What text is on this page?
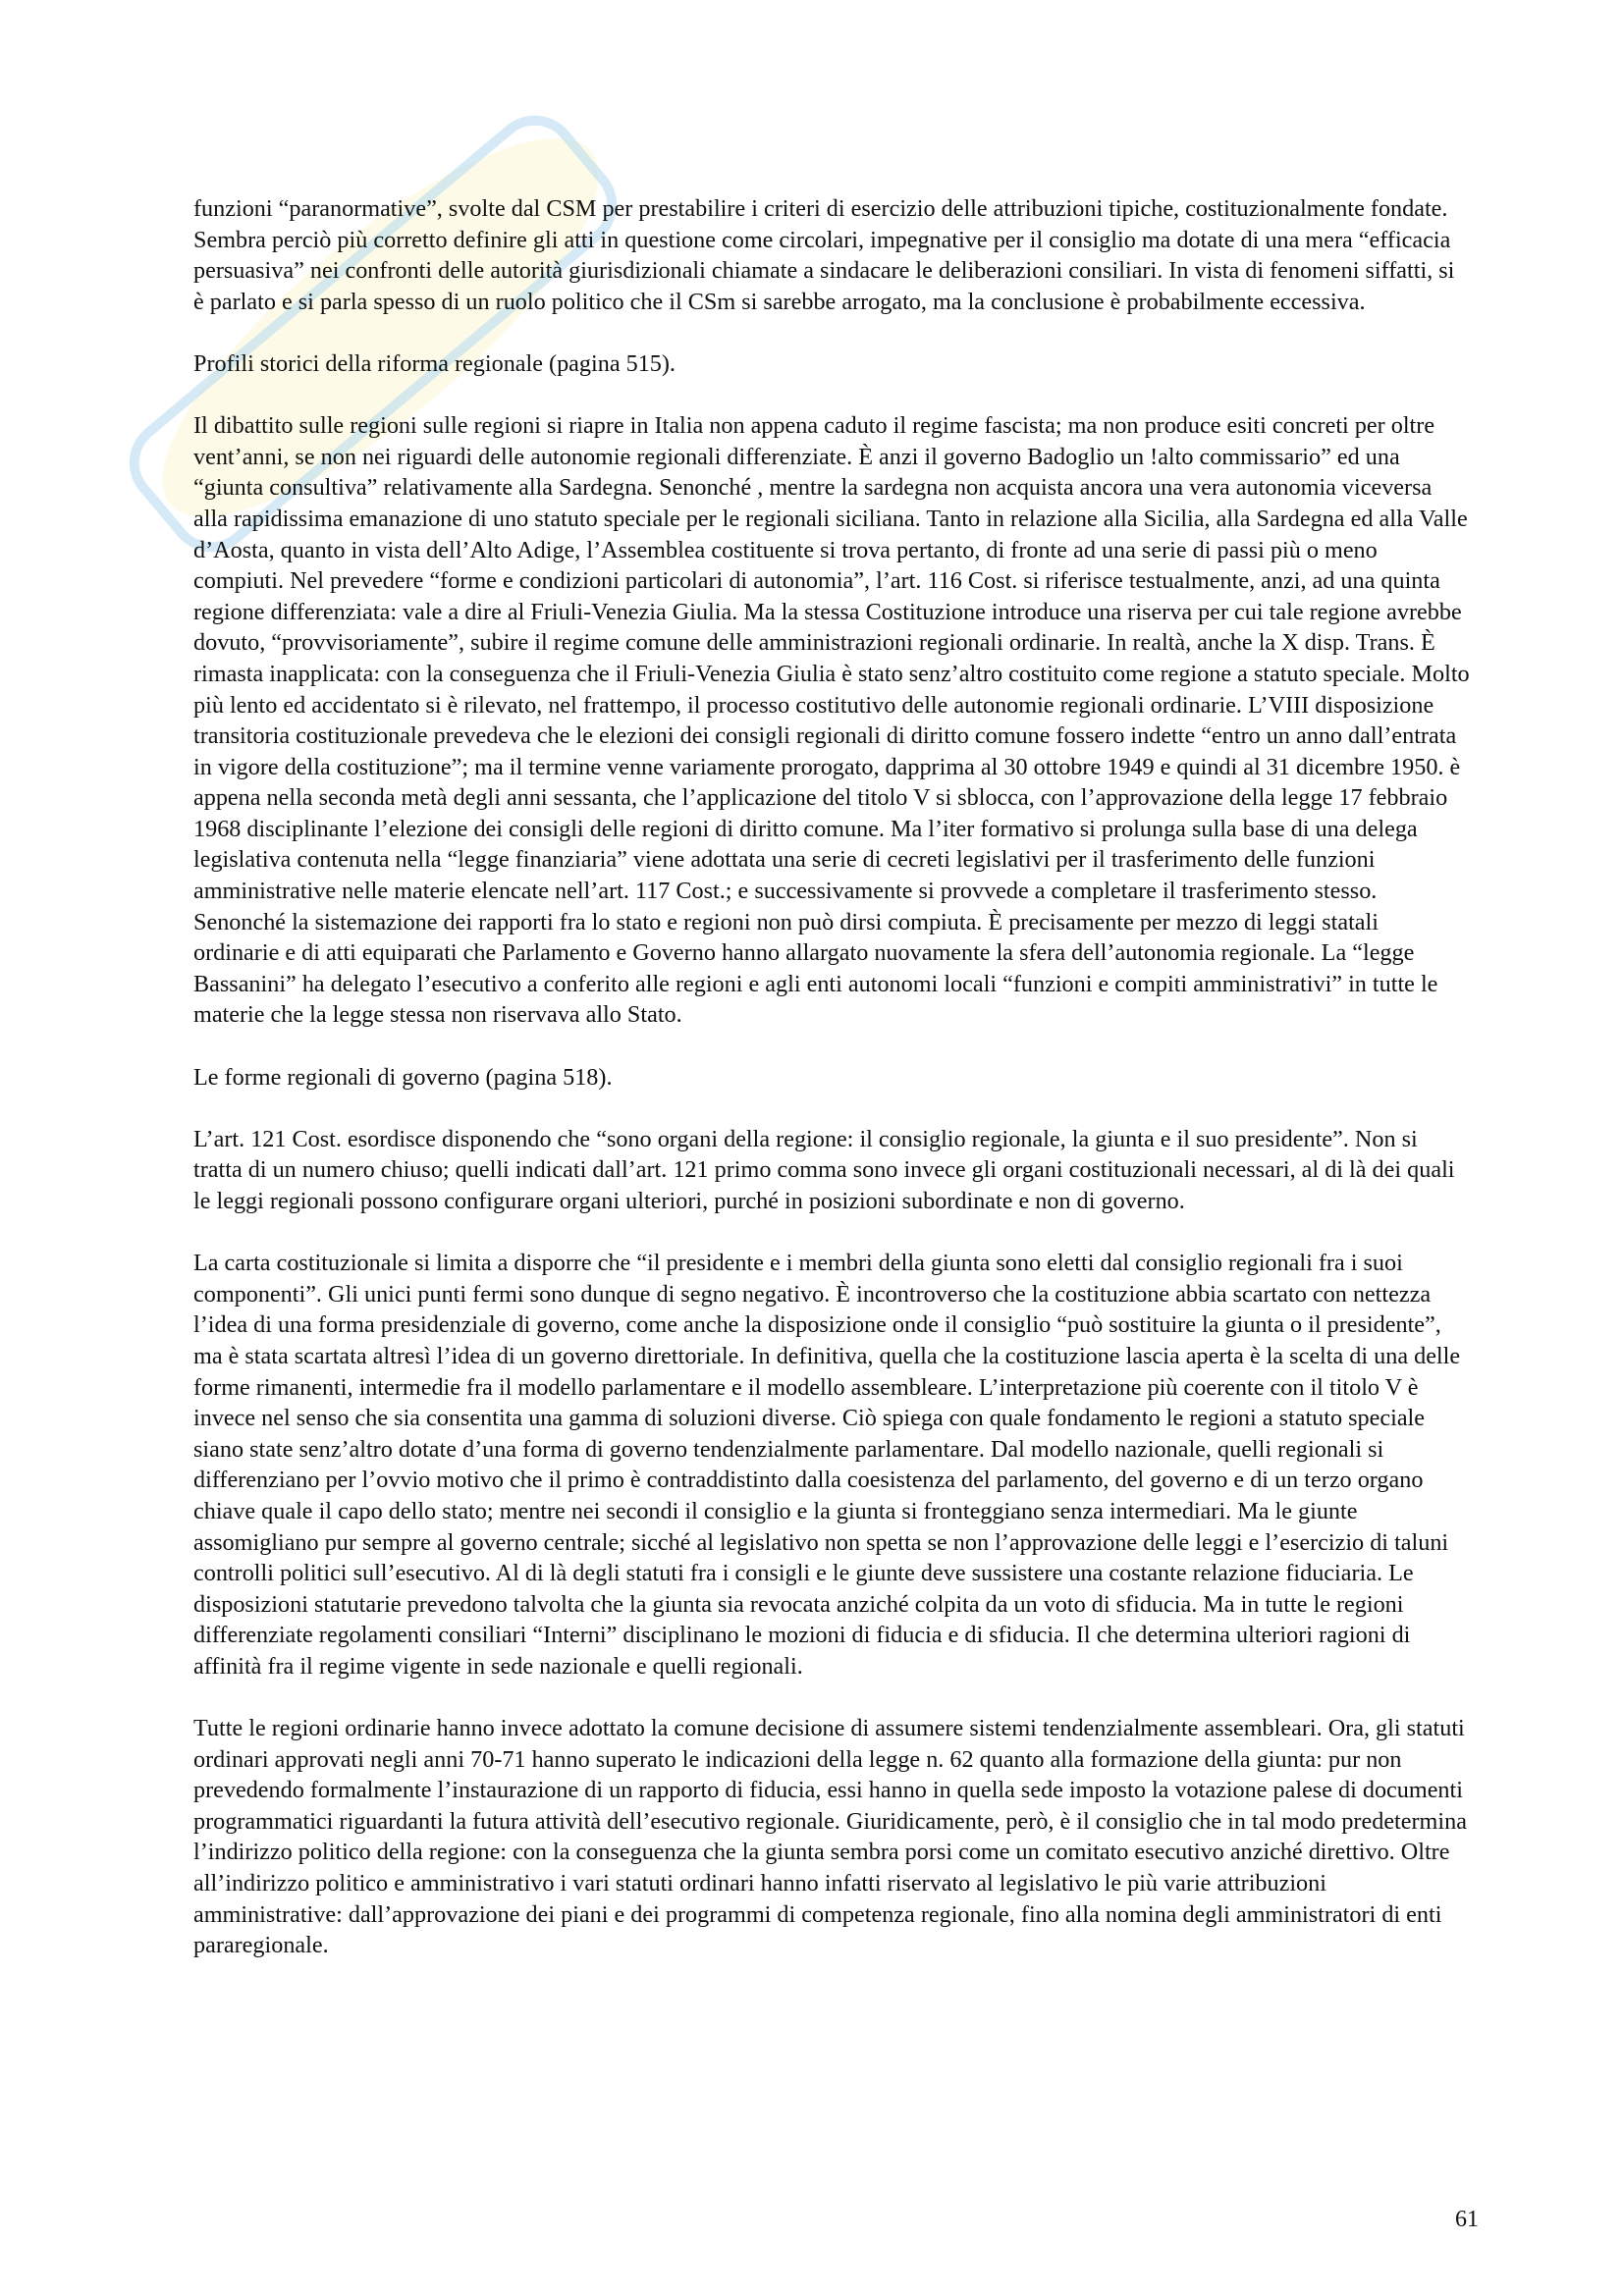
funzioni “paranormative”, svolte dal CSM per prestabilire i criteri di esercizio delle attribuzioni tipiche, costituzionalmente fondate. Sembra perciò più corretto definire gli atti in questione come circolari, impegnative per il consiglio ma dotate di una mera “efficacia persuasiva” nei confronti delle autorità giurisdizionali chiamate a sindacare le deliberazioni consiliari. In vista di fenomeni siffatti, si è parlato e si parla spesso di un ruolo politico che il CSm si sarebbe arrogato, ma la conclusione è probabilmente eccessiva.

Profili storici della riforma regionale (pagina 515).

Il dibattito sulle regioni sulle regioni si riapre in Italia non appena caduto il regime fascista; ma non produce esiti concreti per oltre vent’anni, se non nei riguardi delle autonomie regionali differenziate. È anzi il governo Badoglio un !alto commissario” ed una “giunta consultiva” relativamente alla Sardegna. Senonché , mentre la sardegna non acquista ancora una vera autonomia viceversa alla rapidissima emanazione di uno statuto speciale per le regionali siciliana. Tanto in relazione alla Sicilia, alla Sardegna ed alla Valle d’Aosta, quanto in vista dell’Alto Adige, l’Assemblea costituente si trova pertanto, di fronte ad una serie di passi più o meno compiuti. Nel prevedere “forme e condizioni particolari di autonomia”, l’art. 116 Cost. si riferisce testualmente, anzi, ad una quinta regione differenziata: vale a dire al Friuli-Venezia Giulia. Ma la stessa Costituzione introduce una riserva per cui tale regione avrebbe dovuto, “provvisoriamente”, subire il regime comune delle amministrazioni regionali ordinarie. In realtà, anche la X disp. Trans. È rimasta inapplicata: con la conseguenza che il Friuli-Venezia Giulia è stato senz’altro costituito come regione a statuto speciale. Molto più lento ed accidentato si è rilevato, nel frattempo, il processo costitutivo delle autonomie regionali ordinarie. L’VIII disposizione transitoria costituzionale prevedeva che le elezioni dei consigli regionali di diritto comune fossero indette “entro un anno dall’entrata in vigore della costituzione”; ma il termine venne variamente prorogato, dapprima al 30 ottobre 1949 e quindi al 31 dicembre 1950. è appena nella seconda metà degli anni sessanta, che l’applicazione del titolo V si sblocca, con l’approvazione della legge 17 febbraio 1968 disciplinante l’elezione dei consigli delle regioni di diritto comune. Ma l’iter formativo si prolunga sulla base di una delega legislativa contenuta nella “legge finanziaria” viene adottata una serie di cecreti legislativi per il trasferimento delle funzioni amministrative nelle materie elencate nell’art. 117 Cost.; e successivamente si provvede a completare il trasferimento stesso. Senonché la sistemazione dei rapporti fra lo stato e regioni non può dirsi compiuta. È precisamente per mezzo di leggi statali ordinarie e di atti equiparati che Parlamento e Governo hanno allargato nuovamente la sfera dell’autonomia regionale. La “legge Bassanini” ha delegato l’esecutivo a conferito alle regioni e agli enti autonomi locali “funzioni e compiti amministrativi” in tutte le materie che la legge stessa non riservava allo Stato.

Le forme regionali di governo (pagina 518).

L’art. 121 Cost. esordisce disponendo che “sono organi della regione: il consiglio regionale, la giunta e il suo presidente”. Non si tratta di un numero chiuso; quelli indicati dall’art. 121 primo comma sono invece gli organi costituzionali necessari, al di là dei quali le leggi regionali possono configurare organi ulteriori, purché in posizioni subordinate e non di governo.

La carta costituzionale si limita a disporre che “il presidente e i membri della giunta sono eletti dal consiglio regionali fra i suoi componenti”. Gli unici punti fermi sono dunque di segno negativo. È incontroverso che la costituzione abbia scartato con nettezza l’idea di una forma presidenziale di governo, come anche la disposizione onde il consiglio “può sostituire la giunta o il presidente”, ma è stata scartata altresì l’idea di un governo direttoriale. In definitiva, quella che la costituzione lascia aperta è la scelta di una delle forme rimanenti, intermedie fra il modello parlamentare e il modello assembleare. L’interpretazione più coerente con il titolo V è invece nel senso che sia consentita una gamma di soluzioni diverse. Ciò spiega con quale fondamento le regioni a statuto speciale siano state senz’altro dotate d’una forma di governo tendenzialmente parlamentare. Dal modello nazionale, quelli regionali si differenziano per l’ovvio motivo che il primo è contraddistinto dalla coesistenza del parlamento, del governo e di un terzo organo chiave quale il capo dello stato; mentre nei secondi il consiglio e la giunta si fronteggiano senza intermediari. Ma le giunte assomigliano pur sempre al governo centrale; sicché al legislativo non spetta se non l’approvazione delle leggi e l’esercizio di taluni controlli politici sull’esecutivo. Al di là degli statuti fra i consigli e le giunte deve sussistere una costante relazione fiduciaria. Le disposizioni statutarie prevedono talvolta che la giunta sia revocata anziché colpita da un voto di sfiducia. Ma in tutte le regioni differenziate regolamenti consiliari “Interni” disciplinano le mozioni di fiducia e di sfiducia. Il che determina ulteriori ragioni di affinità fra il regime vigente in sede nazionale e quelli regionali.

Tutte le regioni ordinarie hanno invece adottato la comune decisione di assumere sistemi tendenzialmente assembleari. Ora, gli statuti ordinari approvati negli anni 70-71 hanno superato le indicazioni della legge n. 62 quanto alla formazione della giunta: pur non prevedendo formalmente l’instaurazione di un rapporto di fiducia, essi hanno in quella sede imposto la votazione palese di documenti programmatici riguardanti la futura attività dell’esecutivo regionale. Giuridicamente, però, è il consiglio che in tal modo predetermina l’indirizzo politico della regione: con la conseguenza che la giunta sembra porsi come un comitato esecutivo anziché direttivo. Oltre all’indirizzo politico e amministrativo i vari statuti ordinari hanno infatti riservato al legislativo le più varie attribuzioni amministrative: dall’approvazione dei piani e dei programmi di competenza regionale, fino alla nomina degli amministratori di enti pararegionale.

61
